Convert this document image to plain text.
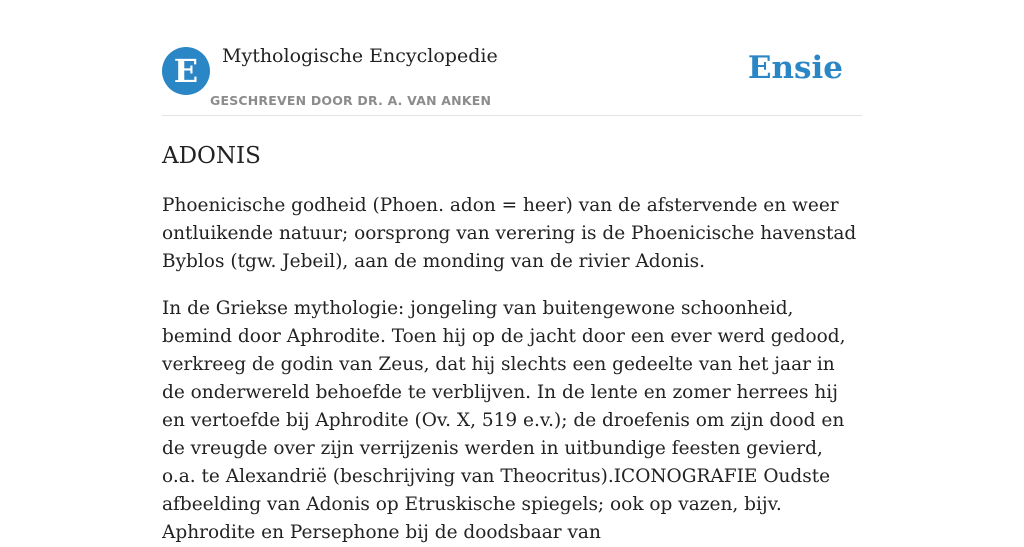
E	Mythologische Encyclopedie
GESCHREVEN DOOR DR. A. VAN ANKEN
Ensie
ADONIS

Phoenicische godheid (Phoen. adon = heer) van de afstervende en weer ontluikende natuur; oorsprong van verering is de Phoenicische havenstad Byblos (tgw. Jebeil), aan de monding van de rivier Adonis.

In de Griekse mythologie: jongeling van buitengewone schoonheid, bemind door Aphrodite. Toen hij op de jacht door een ever werd gedood, verkreeg de godin van Zeus, dat hij slechts een gedeelte van het jaar in de onderwereld behoefde te verblijven. In de lente en zomer herrees hij en vertoefde bij Aphrodite (Ov. X, 519 e.v.); de droefenis om zijn dood en de vreugde over zijn verrijzenis werden in uitbundige feesten gevierd, o.a. te Alexandrië (beschrijving van Theocritus).ICONOGRAFIE Oudste afbeelding van Adonis op Etruskische spiegels; ook op vazen, bijv. Aphrodite en Persephone bij de doodsbaar van
